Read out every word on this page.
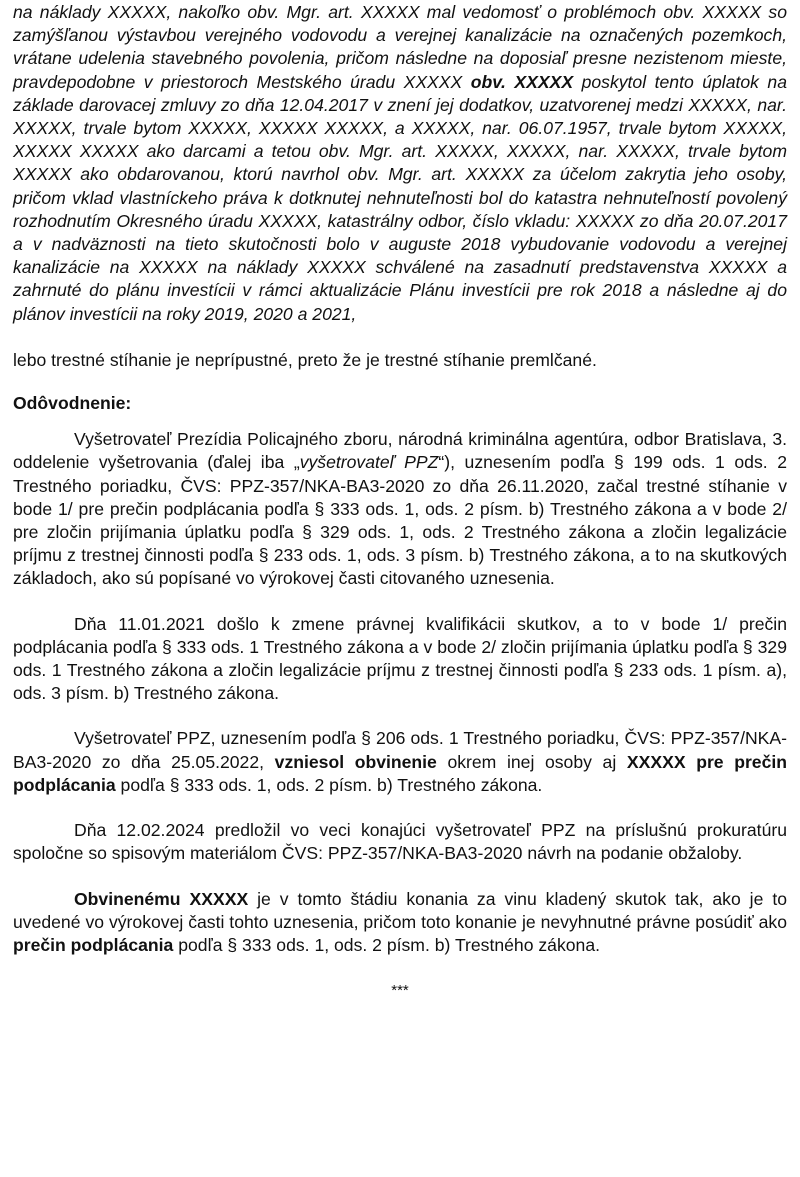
na náklady XXXXX, nakoľko obv. Mgr. art. XXXXX mal vedomosť o problémoch obv. XXXXX so zamýšľanou výstavbou verejného vodovodu a verejnej kanalizácie na označených pozemkoch, vrátane udelenia stavebného povolenia, pričom následne na doposiaľ presne nezistenom mieste, pravdepodobne v priestoroch Mestského úradu XXXXX obv. XXXXX poskytol tento úplatok na základe darovacej zmluvy zo dňa 12.04.2017 v znení jej dodatkov, uzatvorenej medzi XXXXX, nar. XXXXX, trvale bytom XXXXX, XXXXX XXXXX, a XXXXX, nar. 06.07.1957, trvale bytom XXXXX, XXXXX XXXXX ako darcami a tetou obv. Mgr. art. XXXXX, XXXXX, nar. XXXXX, trvale bytom XXXXX ako obdarovanou, ktorú navrhol obv. Mgr. art. XXXXX za účelom zakrytia jeho osoby, pričom vklad vlastníckeho práva k dotknutej nehnuteľnosti bol do katastra nehnuteľností povolený rozhodnutím Okresného úradu XXXXX, katastrálny odbor, číslo vkladu: XXXXX zo dňa 20.07.2017 a v nadväznosti na tieto skutočnosti bolo v auguste 2018 vybudovanie vodovodu a verejnej kanalizácie na XXXXX na náklady XXXXX schválené na zasadnutí predstavenstva XXXXX a zahrnuté do plánu investícii v rámci aktualizácie Plánu investícii pre rok 2018 a následne aj do plánov investícii na roky 2019, 2020 a 2021,

lebo trestné stíhanie je neprípustné, preto že je trestné stíhanie premlčané.

Odôvodnenie:

Vyšetrovateľ Prezídia Policajného zboru, národná kriminálna agentúra, odbor Bratislava, 3. oddelenie vyšetrovania (ďalej iba „vyšetrovateľ PPZ“), uznesením podľa § 199 ods. 1 ods. 2 Trestného poriadku, ČVS: PPZ-357/NKA-BA3-2020 zo dňa 26.11.2020, začal trestné stíhanie v bode 1/ pre prečin podplácania podľa § 333 ods. 1, ods. 2 písm. b) Trestného zákona a v bode 2/ pre zločin prijímania úplatku podľa § 329 ods. 1, ods. 2 Trestného zákona a zločin legalizácie príjmu z trestnej činnosti podľa § 233 ods. 1, ods. 3 písm. b) Trestného zákona, a to na skutkových základoch, ako sú popísané vo výrokovej časti citovaného uznesenia.

Dňa 11.01.2021 došlo k zmene právnej kvalifikácii skutkov, a to v bode 1/ prečin podplácania podľa § 333 ods. 1 Trestného zákona a v bode 2/ zločin prijímania úplatku podľa § 329 ods. 1 Trestného zákona a zločin legalizácie príjmu z trestnej činnosti podľa § 233 ods. 1 písm. a), ods. 3 písm. b) Trestného zákona.

Vyšetrovateľ PPZ, uznesením podľa § 206 ods. 1 Trestného poriadku, ČVS: PPZ-357/NKA-BA3-2020 zo dňa 25.05.2022, vzniesol obvinenie okrem inej osoby aj XXXXX pre prečin podplácania podľa § 333 ods. 1, ods. 2 písm. b) Trestného zákona.

Dňa 12.02.2024 predložil vo veci konajúci vyšetrovateľ PPZ na príslušnú prokuratúru spoločne so spisovým materiálom ČVS: PPZ-357/NKA-BA3-2020 návrh na podanie obžaloby.

Obvinenému XXXXX je v tomto štádiu konania za vinu kladený skutok tak, ako je to uvedené vo výrokovej časti tohto uznesenia, pričom toto konanie je nevyhnutné právne posúdiť ako prečin podplácania podľa § 333 ods. 1, ods. 2 písm. b) Trestného zákona.

***
